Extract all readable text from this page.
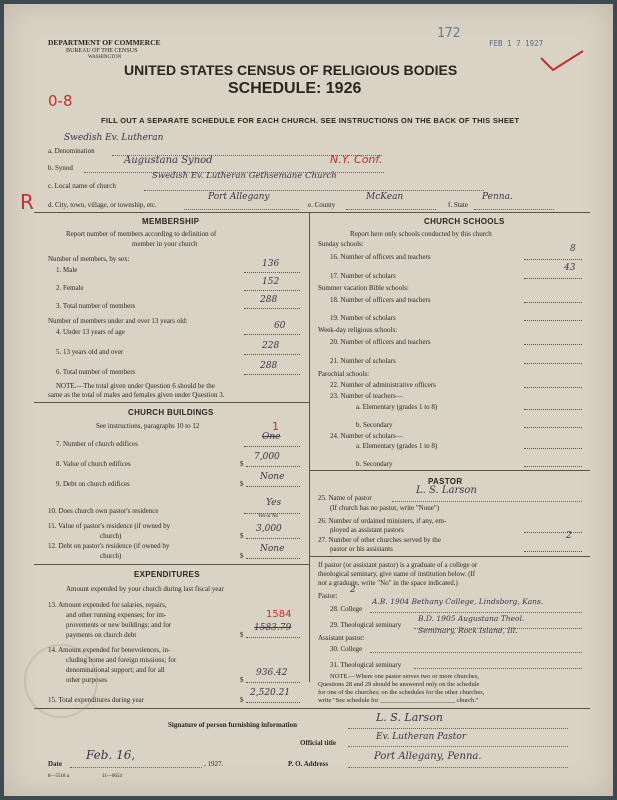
DEPARTMENT OF COMMERCE
BUREAU OF THE CENSUS
WASHINGTON
UNITED STATES CENSUS OF RELIGIOUS BODIES
SCHEDULE: 1926
FILL OUT A SEPARATE SCHEDULE FOR EACH CHURCH. SEE INSTRUCTIONS ON THE BACK OF THIS SHEET
172
FEB 1 7 1927
0-8
R
a. Denomination
Swedish Ev. Lutheran
b. Synod
Augustana Synod	N.Y. Conf.
c. Local name of church
Swedish Ev. Lutheran Gethsemane Church
d. City, town, village, or township, etc.
Port Allegany
e. County
McKean
f. State
Penna.
MEMBERSHIP
Report number of members according to definition of
member in your church
Number of members, by sex:
1. Male
136
2. Female
152
3. Total number of members
288
Number of members under and over 13 years old:
4. Under 13 years of age
60
5. 13 years old and over
228
6. Total number of members
288
NOTE.—The total given under Question 6 should be the
same as the total of males and females given under Question 3.
CHURCH BUILDINGS
See instructions, paragraphs 10 to 12
7. Number of church edifices
One
1
8. Value of church edifices	$
7,000
9. Debt on church edifices	$
None
10. Does church own pastor's residence
Yes
Yes or No
11. Value of pastor's residence (if owned by
church)	$
3,000
12. Debt on pastor's residence (if owned by
church)	$
None
EXPENDITURES
Amount expended by your church during last fiscal year
13. Amount expended for salaries, repairs,
and other running expenses; for im-
provements or new buildings; and for
payments on church debt	$
1583.79
1584
14. Amount expended for benevolences, in-
cluding home and foreign missions; for
denominational support; and for all
other purposes	$
936.42
15. Total expenditures during year	$
2,520.21
CHURCH SCHOOLS
Report here only schools conducted by this church
Sunday schools:
16. Number of officers and teachers
8
17. Number of scholars
43
Summer vacation Bible schools:
18. Number of officers and teachers
19. Number of scholars
Week-day religious schools:
20. Number of officers and teachers
21. Number of scholars
Parochial schools:
22. Number of administrative officers
23. Number of teachers—
a. Elementary (grades 1 to 8)
b. Secondary
24. Number of scholars—
a. Elementary (grades 1 to 8)
b. Secondary
PASTOR
25. Name of pastor
L. S. Larson
(If church has no pastor, write "None")
26. Number of ordained ministers, if any, em-
ployed as assistant pastors
27. Number of other churches served by the
pastor or his assistants
2
If pastor (or assistant pastor) is a graduate of a college or
theological seminary, give name of institution below. (If
not a graduate, write "No" in the space indicated.)
Pastor:
2
28. College
A.B. 1904 Bethany College, Lindsborg, Kans.
29. Theological seminary
B.D. 1905 Augustana Theol.
Seminary, Rock Island, Ill.
Assistant pastor:
30. College
31. Theological seminary
NOTE.—Where one pastor serves two or more churches,
Questions 28 and 29 should be answered only on the schedule
for one of the churches; on the schedules for the other churches,
write "See schedule for _______________________ church."
Signature of person furnishing information
L. S. Larson
Official title
Ev. Lutheran Pastor
Date
Feb. 16,
, 1927.	P. O. Address
Port Allegany, Penna.
8—5518 a	11—0654
